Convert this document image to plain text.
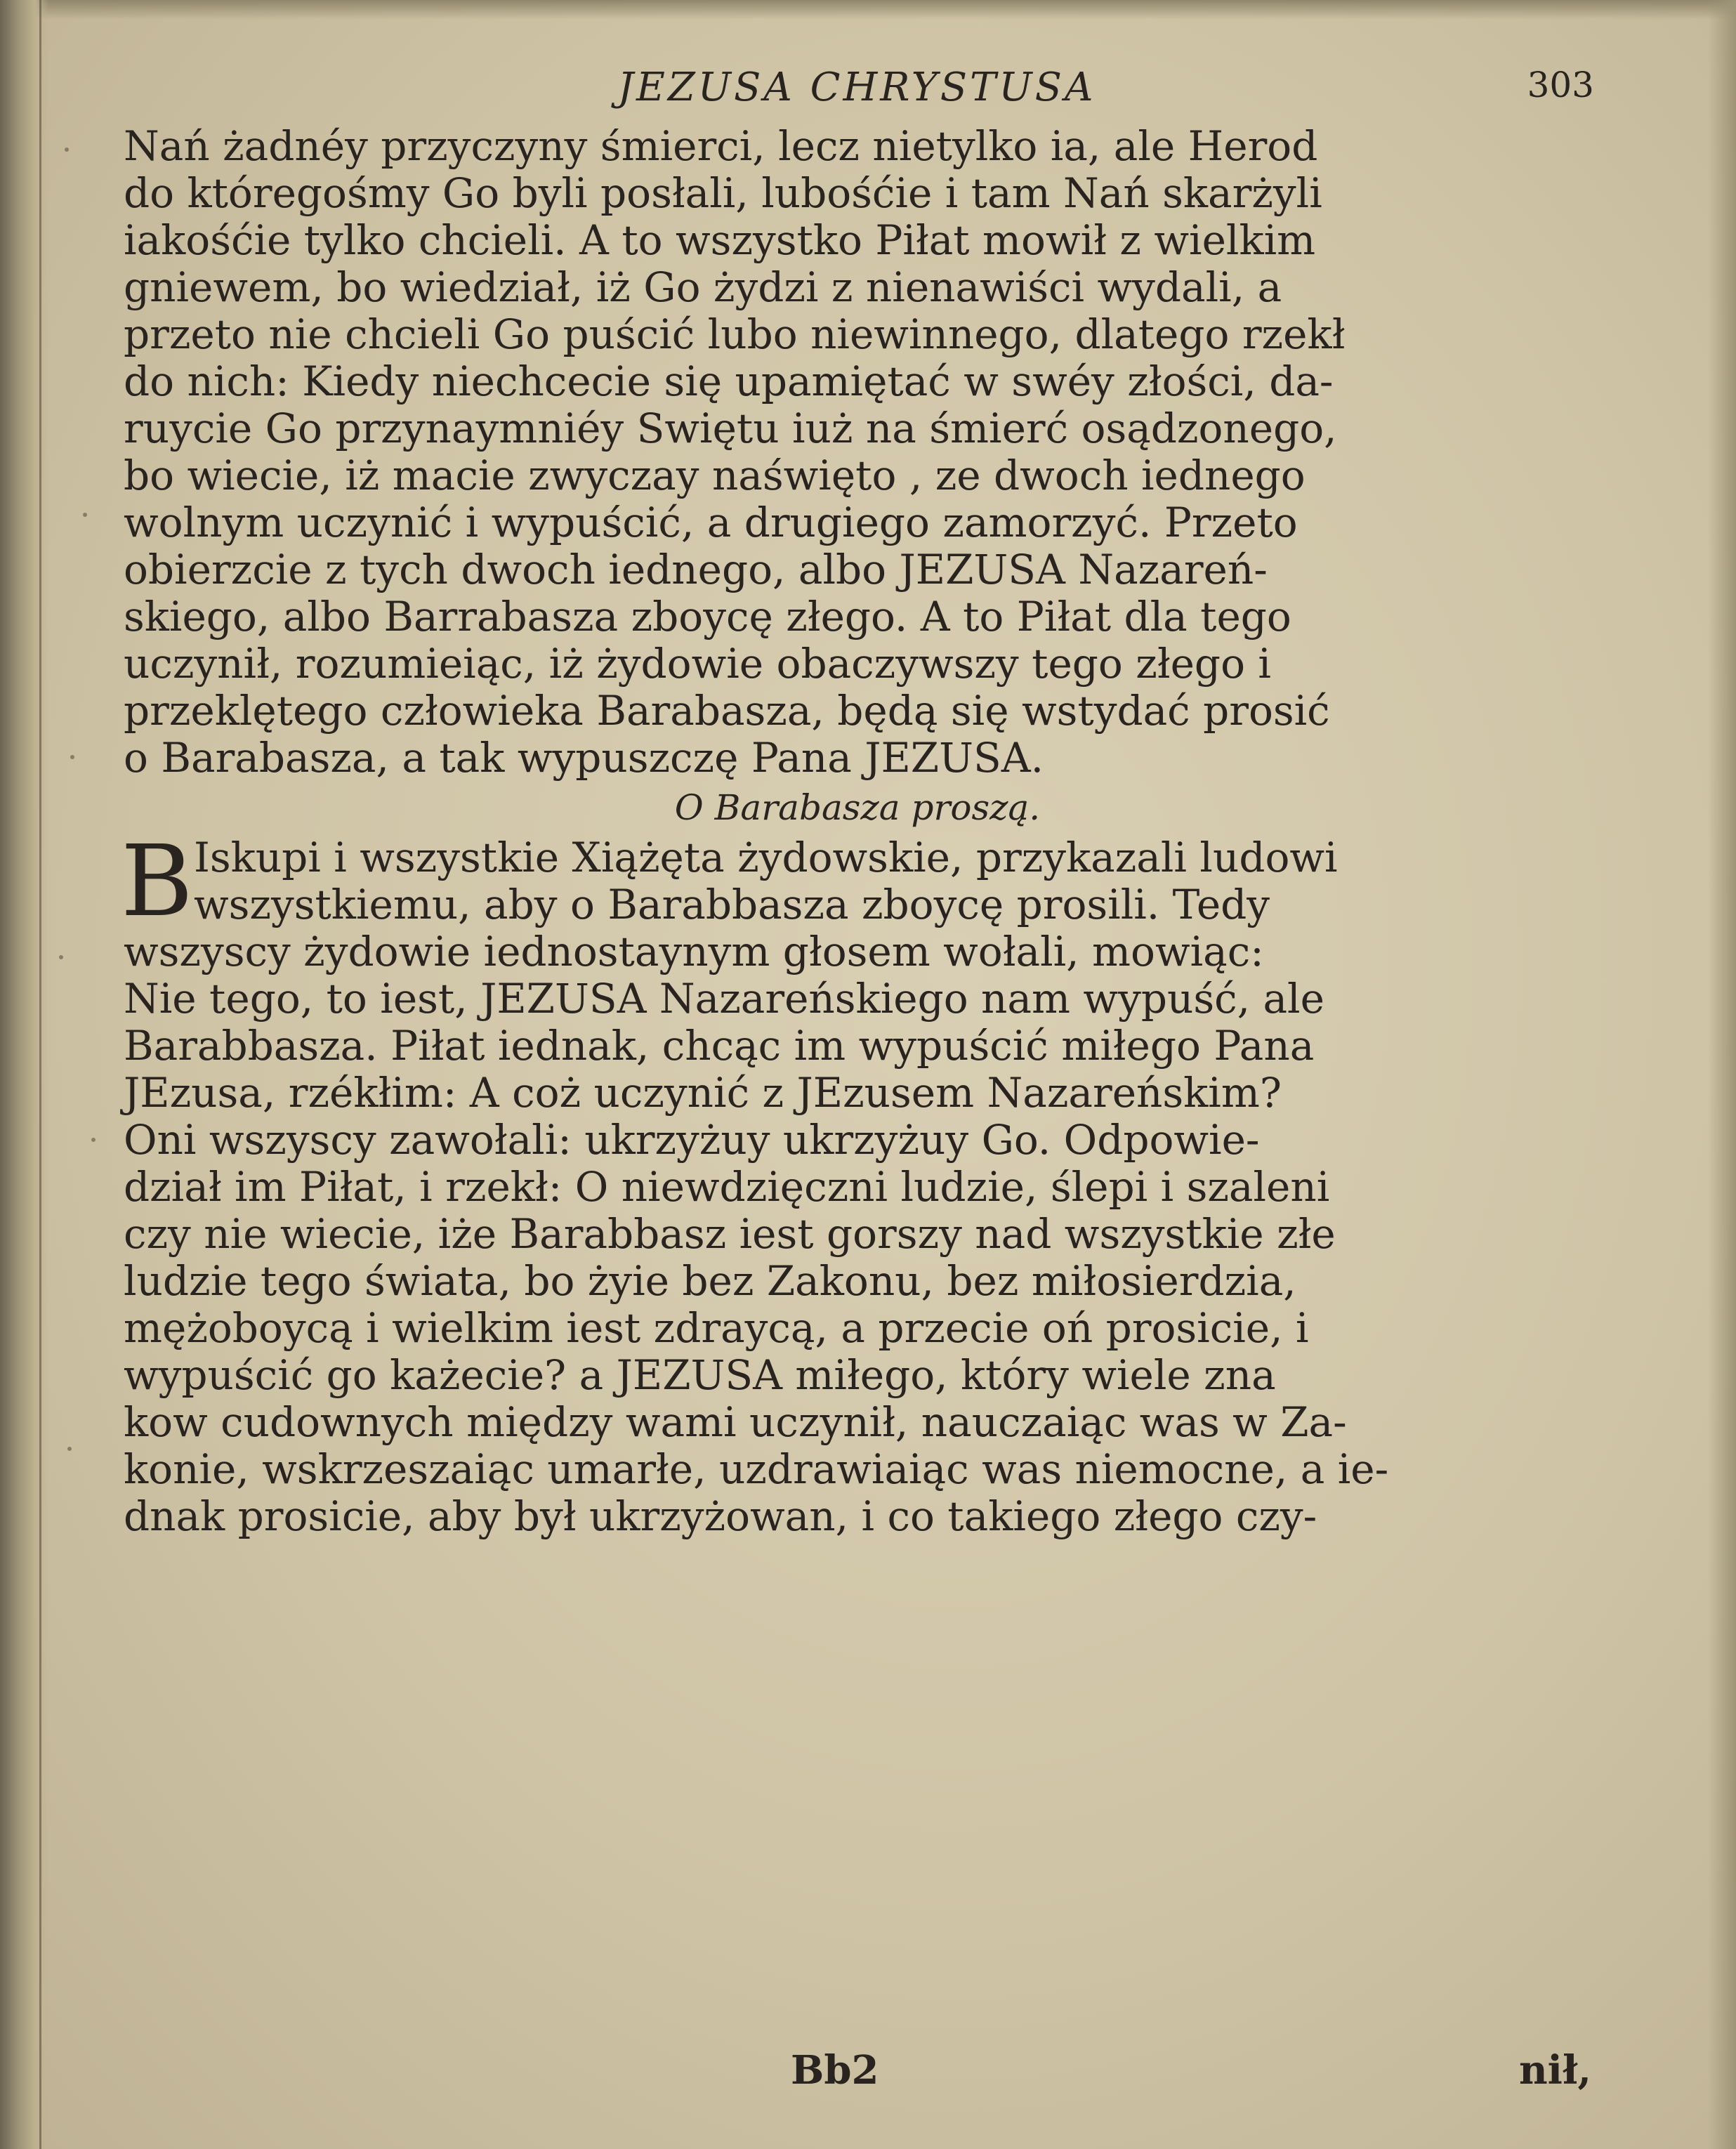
JEZUSA CHRYSTUSA	303
Nań żadnéy przyczyny śmierci, lecz nietylko ia, ale Herod
do któregośmy Go byli posłali, lubośćie i tam Nań skarżyli
iakośćie tylko chcieli. A to wszystko Piłat mowił z wielkim
gniewem, bo wiedział, iż Go żydzi z nienawiści wydali, a
przeto nie chcieli Go puścić lubo niewinnego, dlatego rzekł
do nich: Kiedy niechcecie się upamiętać w swéy złości, da-
ruycie Go przynaymniéy Swiętu iuż na śmierć osądzonego,
bo wiecie, iż macie zwyczay naświęto , ze dwoch iednego
wolnym uczynić i wypuścić, a drugiego zamorzyć. Przeto
obierzcie z tych dwoch iednego, albo JEZUSA Nazareń-
skiego, albo Barrabasza zboycę złego. A to Piłat dla tego
uczynił, rozumieiąc, iż żydowie obaczywszy tego złego i
przeklętego człowieka Barabasza, będą się wstydać prosić
o Barabasza, a tak wypuszczę Pana JEZUSA.
O Barabasza proszą.
B Iskupi i wszystkie Xiążęta żydowskie, przykazali ludowi
wszystkiemu, aby o Barabbasza zboycę prosili. Tedy
wszyscy żydowie iednostaynym głosem wołali, mowiąc:
Nie tego, to iest, JEZUSA Nazareńskiego nam wypuść, ale
Barabbasza. Piłat iednak, chcąc im wypuścić miłego Pana
JEzusa, rzékłim: A coż uczynić z JEzusem Nazareńskim?
Oni wszyscy zawołali: ukrzyżuy ukrzyżuy Go. Odpowie-
dział im Piłat, i rzekł: O niewdzięczni ludzie, ślepi i szaleni
czy nie wiecie, iże Barabbasz iest gorszy nad wszystkie złe
ludzie tego świata, bo żyie bez Zakonu, bez miłosierdzia,
mężoboycą i wielkim iest zdraycą, a przecie oń prosicie, i
wypuścić go każecie? a JEZUSA miłego, który wiele zna
kow cudownych między wami uczynił, nauczaiąc was w Za-
konie, wskrzeszaiąc umarłe, uzdrawiaiąc was niemocne, a ie-
dnak prosicie, aby był ukrzyżowan, i co takiego złego czy-
Bb2	nił,
